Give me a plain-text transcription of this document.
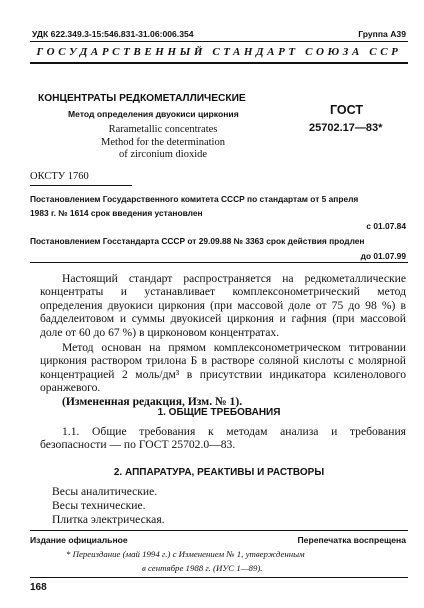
УДК 622.349.3-15:546.831-31.06:006.354	Группа А39
ГОСУДАРСТВЕННЫЙ СТАНДАРТ СОЮЗА ССР
КОНЦЕНТРАТЫ РЕДКОМЕТАЛЛИЧЕСКИЕ
Метод определения двуокиси циркония	ГОСТ
25702.17—83*
Rarametallic concentrates
Method for the determination
of zirconium dioxide
ОКСТУ 1760
Постановлением Государственного комитета СССР по стандартам от 5 апреля
1983 г. № 1614 срок введения установлен
с 01.07.84
Постановлением Госстандарта СССР от 29.09.88 № 3363 срок действия продлен
до 01.07.99

Настоящий стандарт распространяется на редкометаллические концентраты и устанавливает комплексонометрический метод определения двуокиси циркония (при массовой доле от 75 до 98 %) в бадделеитовом и суммы двуокисей циркония и гафния (при массовой доле от 60 до 67 %) в цирконовом концентратах.

Метод основан на прямом комплексонометрическом титровании циркония раствором трилона Б в растворе соляной кислоты с молярной концентрацией 2 моль/дм³ в присутствии индикатора ксиленолового оранжевого.

(Измененная редакция, Изм. № 1).

1. ОБЩИЕ ТРЕБОВАНИЯ

1.1. Общие требования к методам анализа и требования безопасности — по ГОСТ 25702.0—83.

2. АППАРАТУРА, РЕАКТИВЫ И РАСТВОРЫ
Весы аналитические.
Весы технические.
Плитка электрическая.
Издание официальное	Перепечатка воспрещена
* Переиздание (май 1994 г.) с Изменением № 1, утвержденным
в сентябре 1988 г. (ИУС 1—89).
168
